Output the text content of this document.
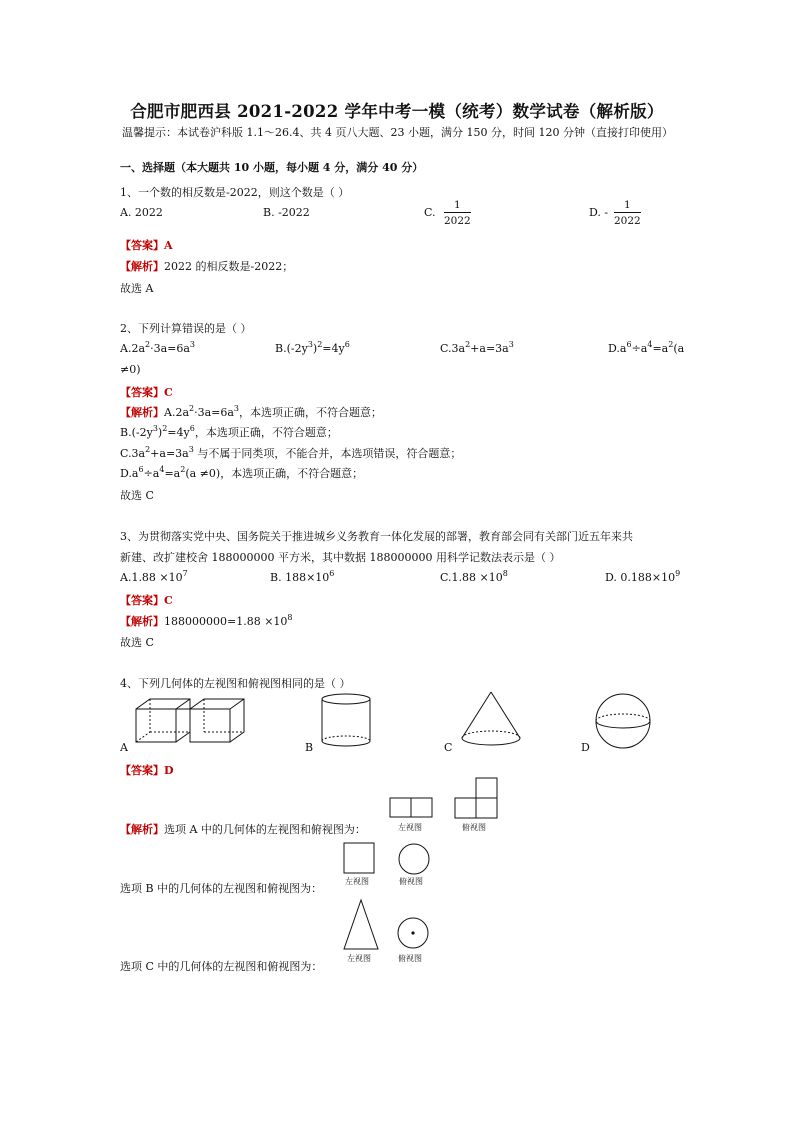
合肥市肥西县 2021-2022 学年中考一模（统考）数学试卷（解析版）
温馨提示：本试卷沪科版 1.1～26.4、共 4 页八大题、23 小题，满分 150 分，时间 120 分钟（直接打印使用）
一、选择题（本大题共 10 小题，每小题 4 分，满分 40 分）
1、一个数的相反数是-2022，则这个数是（ ）
A. 2022	B. -2022	C. $\frac{1}{2022}$	D. - $\frac{1}{2022}$
【答案】A
【解析】2022 的相反数是-2022；
故选 A
2、下列计算错误的是（ ）
$A.2a^2\cdot 3a=6a^3$	$B.(-2y^3)^2=4y^6$	$C.3a^2+a=3a^3$	$D.a^6\div a^4=a^2(a$
≠0)
【答案】C
【解析】$A.2a^2\cdot 3a=6a^3$，本选项正确，不符合题意；
$B.(-2y^3)^2=4y^6$，本选项正确，不符合题意；
$C.3a^2+a=3a^3$ 与不属于同类项，不能合并，本选项错误，符合题意；
$D.a^6\div a^4=a^2(a \ne 0)$，本选项正确，不符合题意；
故选 C
3、为贯彻落实党中央、国务院关于推进城乡义务教育一体化发展的部署，教育部会同有关部门近五年来共
新建、改扩建校舍 188000000 平方米，其中数据 188000000 用科学记数法表示是（ ）
$A.1.88 \times 10^7$	B. $188\times 10^6$	$C.1.88 \times 10^8$	D. $0.188\times 10^9$
【答案】C
【解析】$188000000=1.88 \times 10^8$
故选 C
4、下列几何体的左视图和俯视图相同的是（ ）
A	B	C	D
【答案】D
左视图	俯视图
【解析】选项 A 中的几何体的左视图和俯视图为：
左视图	俯视图
选项 B 中的几何体的左视图和俯视图为：
左视图	俯视图
选项 C 中的几何体的左视图和俯视图为：
